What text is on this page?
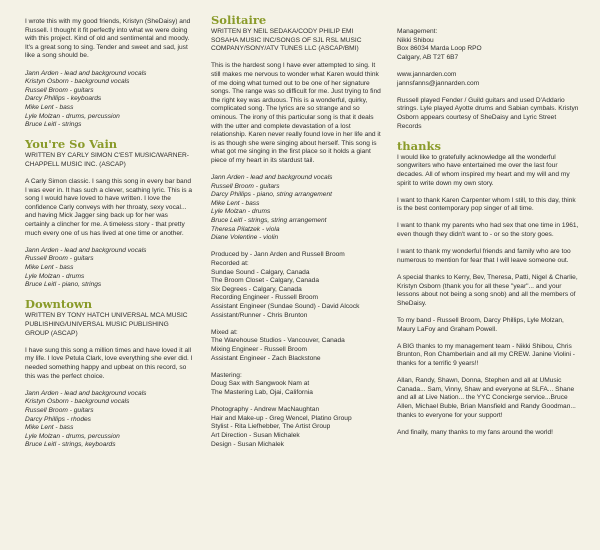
I wrote this with my good friends, Kristyn (SheDaisy) and Russell. I thought it fit perfectly into what we were doing with this project. Kind of old and sentimental and moody. It's a great song to sing. Tender and sweet and sad, just like a song should be.

Jann Arden - lead and background vocals
Kristyn Osborn - background vocals
Russell Broom - guitars
Darcy Phillips - keyboards
Mike Lent - bass
Lyle Molzan - drums, percussion
Bruce Leitl - strings
You're So Vain
WRITTEN BY CARLY SIMON C'EST MUSIC/WARNER-CHAPPELL MUSIC INC. (ASCAP)

A Carly Simon classic. I sang this song in every bar band I was ever in. It has such a clever, scathing lyric. This is a song I would have loved to have written. I love the confidence Carly conveys with her throaty, sexy vocal... and having Mick Jagger sing back up for her was certainly a clincher for me. A timeless story - that pretty much every one of us has lived at one time or another.

Jann Arden - lead and background vocals
Russell Broom - guitars
Mike Lent - bass
Lyle Molzan - drums
Bruce Leitl - piano, strings
Downtown
WRITTEN BY TONY HATCH UNIVERSAL MCA MUSIC PUBLISHING/UNIVERSAL MUSIC PUBLISHING GROUP (ASCAP)

I have sung this song a million times and have loved it all my life. I love Petula Clark, love everything she ever did. I needed something happy and upbeat on this record, so this was the perfect choice.

Jann Arden - lead and background vocals
Kristyn Osborn - background vocals
Russell Broom - guitars
Darcy Phillips - rhodes
Mike Lent - bass
Lyle Molzan - drums, percussion
Bruce Leitl - strings, keyboards
Solitaire
WRITTEN BY NEIL SEDAKA/CODY PHILIP EMI SOSAHA MUSIC INC/SONGS OF SJL RSL MUSIC COMPANY/SONY/ATV TUNES LLC (ASCAP/BMI)

This is the hardest song I have ever attempted to sing. It still makes me nervous to wonder what Karen would think of me doing what turned out to be one of her signature songs. The range was so difficult for me. Just trying to find the right key was arduous. This is a wonderful, quirky, complicated song. The lyrics are so strange and so ominous. The irony of this particular song is that it deals with the utter and complete devastation of a lost relationship. Karen never really found love in her life and it is as though she were singing about herself. This song is what got me singing in the first place so it holds a giant piece of my heart in its stardust tail.

Jann Arden - lead and background vocals
Russell Broom - guitars
Darcy Phillips - piano, string arrangement
Mike Lent - bass
Lyle Molzan - drums
Bruce Leitl - strings, string arrangement
Theresa Pilatzek - viola
Diane Volentine - violin
Produced by - Jann Arden and Russell Broom
Recorded at:
Sundae Sound - Calgary, Canada
The Broom Closet - Calgary, Canada
Six Degrees - Calgary, Canada
Recording Engineer - Russell Broom
Assistant Engineer (Sundae Sound) - David Alcock
Assistant/Runner - Chris Brunton
Mixed at:
The Warehouse Studios - Vancouver, Canada
Mixing Engineer - Russell Broom
Assistant Engineer - Zach Blackstone
Mastering:
Doug Sax with Sangwook Nam at
The Mastering Lab, Ojai, California
Photography - Andrew MacNaughtan
Hair and Make-up - Greg Wencel, Platino Group
Stylist - Rita Liefhebber, The Artist Group
Art Direction - Susan Michalek
Design - Susan Michalek
Management:
Nikki Shibou
Box 86034 Marda Loop RPO
Calgary, AB T2T 6B7
www.jannarden.com
jannsfanns@jannarden.com

Russell played Fender / Guild guitars and used D'Addario strings. Lyle played Ayotte drums and Sabian cymbals. Kristyn Osborn appears courtesy of SheDaisy and Lyric Street Records

thanks

I would like to gratefully acknowledge all the wonderful songwriters who have entertained me over the last four decades. All of whom inspired my heart and my will and my spirit to write down my own story.

I want to thank Karen Carpenter whom I still, to this day, think is the best contemporary pop singer of all time.

I want to thank my parents who had sex that one time in 1961, even though they didn't want to - or so the story goes.

I want to thank my wonderful friends and family who are too numerous to mention for fear that I will leave someone out.

A special thanks to Kerry, Bev, Theresa, Patti, Nigel & Charlie, Kristyn Osborn (thank you for all these "year"... and your lessons about not being a song snob) and all the members of SheDaisy.

To my band - Russell Broom, Darcy Phillips, Lyle Molzan, Maury LaFoy and Graham Powell.

A BIG thanks to my management team - Nikki Shibou, Chris Brunton, Ron Chamberlain and all my CREW. Janine Violini - thanks for a terrific 9 years!!

Allan, Randy, Shawn, Donna, Stephen and all at UMusic Canada... Sam, Vinny, Shaw and everyone at SLFA... Shane and all at Live Nation... the YYC Concierge service...Bruce Allen, Michael Buble, Brian Mansfield and Randy Goodman... thanks to everyone for your support!

And finally, many thanks to my fans around the world!
